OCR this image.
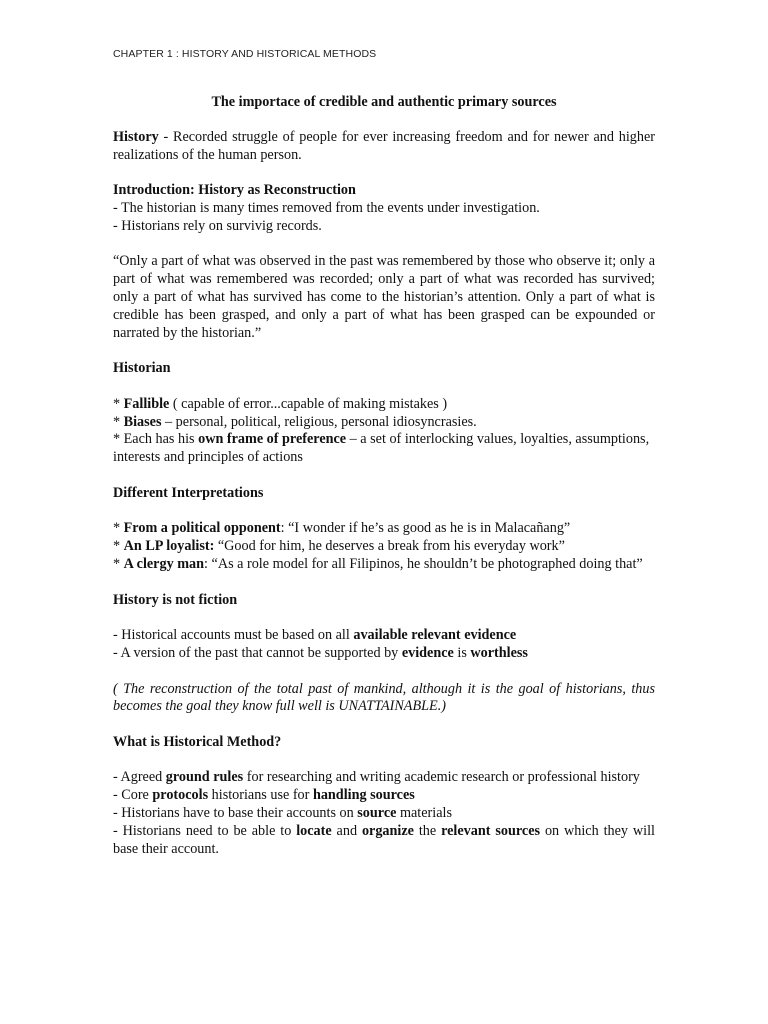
CHAPTER 1 : HISTORY AND HISTORICAL METHODS

The importace of credible and authentic primary sources

History - Recorded struggle of people for ever increasing freedom and for newer and higher realizations of the human person.

Introduction: History as Reconstruction

- The historian is many times removed from the events under investigation.

- Historians rely on survivig records.

“Only a part of what was observed in the past was remembered by those who observe it; only a part of what was remembered was recorded; only a part of what was recorded has survived; only a part of what has survived has come to the historian’s attention. Only a part of what is credible has been grasped, and only a part of what has been grasped can be expounded or narrated by the historian.”

Historian

* Fallible ( capable of error...capable of making mistakes )

* Biases – personal, political, religious, personal idiosyncrasies.

* Each has his own frame of preference – a set of interlocking values, loyalties, assumptions,

interests and principles of actions

Different Interpretations

* From a political opponent: “I wonder if he’s as good as he is in Malacañang”

* An LP loyalist: “Good for him, he deserves a break from his everyday work”

* A clergy man: “As a role model for all Filipinos, he shouldn’t be photographed doing that”

History is not fiction

- Historical accounts must be based on all available relevant evidence

- A version of the past that cannot be supported by evidence is worthless

( The reconstruction of the total past of mankind, although it is the goal of historians, thus becomes the goal they know full well is UNATTAINABLE.)

What is Historical Method?

- Agreed ground rules for researching and writing academic research or professional history

- Core protocols historians use for handling sources

- Historians have to base their accounts on source materials

- Historians need to be able to locate and organize the relevant sources on which they will base their account.
